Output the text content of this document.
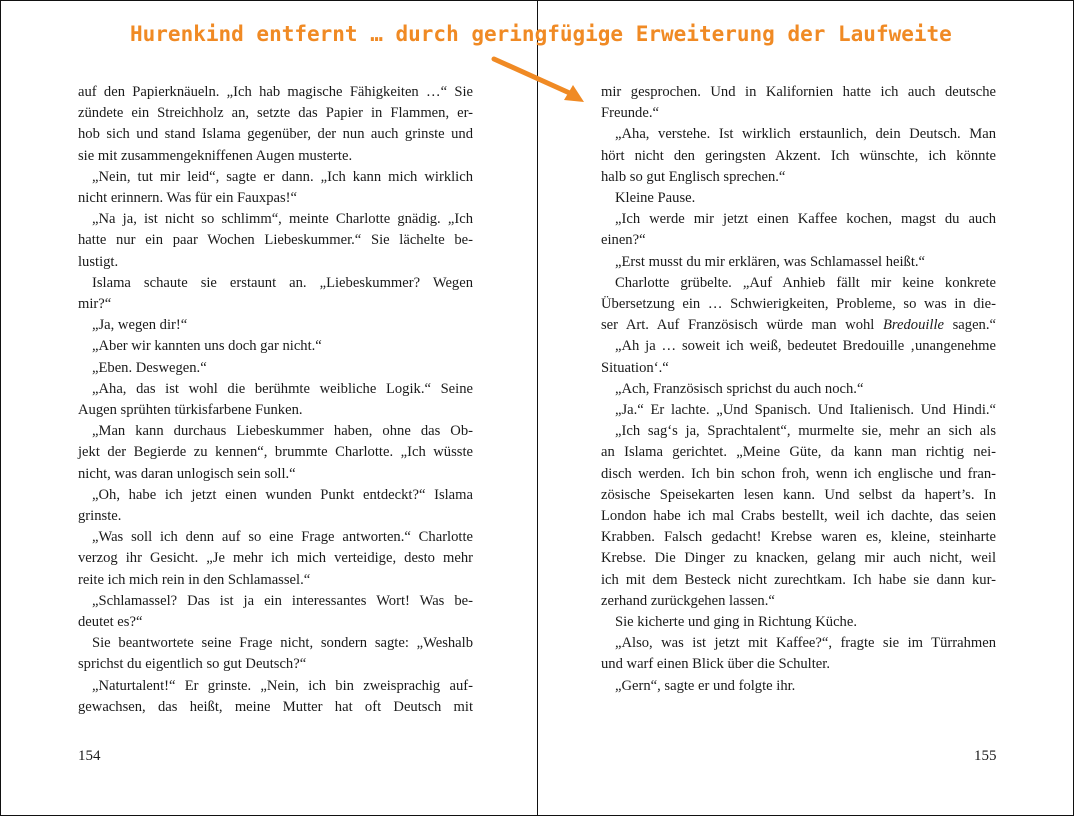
Hurenkind entfernt … durch geringfügige Erweiterung der Laufweite
auf den Papierknäueln. „Ich hab magische Fähigkeiten …“ Sie
zündete ein Streichholz an, setzte das Papier in Flammen, er-
hob sich und stand Islama gegenüber, der nun auch grinste und
sie mit zusammengekniffenen Augen musterte.
„Nein, tut mir leid“, sagte er dann. „Ich kann mich wirklich
nicht erinnern. Was für ein Fauxpas!“
„Na ja, ist nicht so schlimm“, meinte Charlotte gnädig. „Ich
hatte nur ein paar Wochen Liebeskummer.“ Sie lächelte be-
lustigt.
Islama schaute sie erstaunt an. „Liebeskummer? Wegen
mir?“
„Ja, wegen dir!“
„Aber wir kannten uns doch gar nicht.“
„Eben. Deswegen.“
„Aha, das ist wohl die berühmte weibliche Logik.“ Seine
Augen sprühten türkisfarbene Funken.
„Man kann durchaus Liebeskummer haben, ohne das Ob-
jekt der Begierde zu kennen“, brummte Charlotte. „Ich wüsste
nicht, was daran unlogisch sein soll.“
„Oh, habe ich jetzt einen wunden Punkt entdeckt?“ Islama
grinste.
„Was soll ich denn auf so eine Frage antworten.“ Charlotte
verzog ihr Gesicht. „Je mehr ich mich verteidige, desto mehr
reite ich mich rein in den Schlamassel.“
„Schlamassel? Das ist ja ein interessantes Wort! Was be-
deutet es?“
Sie beantwortete seine Frage nicht, sondern sagte: „Weshalb
sprichst du eigentlich so gut Deutsch?“
„Naturtalent!“ Er grinste. „Nein, ich bin zweisprachig auf-
gewachsen, das heißt, meine Mutter hat oft Deutsch mit
mir gesprochen. Und in Kalifornien hatte ich auch deutsche
Freunde.“
„Aha, verstehe. Ist wirklich erstaunlich, dein Deutsch. Man
hört nicht den geringsten Akzent. Ich wünschte, ich könnte
halb so gut Englisch sprechen.“
Kleine Pause.
„Ich werde mir jetzt einen Kaffee kochen, magst du auch
einen?“
„Erst musst du mir erklären, was Schlamassel heißt.“
Charlotte grübelte. „Auf Anhieb fällt mir keine konkrete
Übersetzung ein … Schwierigkeiten, Probleme, so was in die-
ser Art. Auf Französisch würde man wohl Bredouille sagen.“
„Ah ja … soweit ich weiß, bedeutet Bredouille ‚unangenehme
Situation‘.“
„Ach, Französisch sprichst du auch noch.“
„Ja.“ Er lachte. „Und Spanisch. Und Italienisch. Und Hindi.“
„Ich sag‘s ja, Sprachtalent“, murmelte sie, mehr an sich als
an Islama gerichtet. „Meine Güte, da kann man richtig nei-
disch werden. Ich bin schon froh, wenn ich englische und fran-
zösische Speisekarten lesen kann. Und selbst da hapert’s. In
London habe ich mal Crabs bestellt, weil ich dachte, das seien
Krabben. Falsch gedacht! Krebse waren es, kleine, steinharte
Krebse. Die Dinger zu knacken, gelang mir auch nicht, weil
ich mit dem Besteck nicht zurechtkam. Ich habe sie dann kur-
zerhand zurückgehen lassen.“
Sie kicherte und ging in Richtung Küche.
„Also, was ist jetzt mit Kaffee?“, fragte sie im Türrahmen
und warf einen Blick über die Schulter.
„Gern“, sagte er und folgte ihr.
154	155
